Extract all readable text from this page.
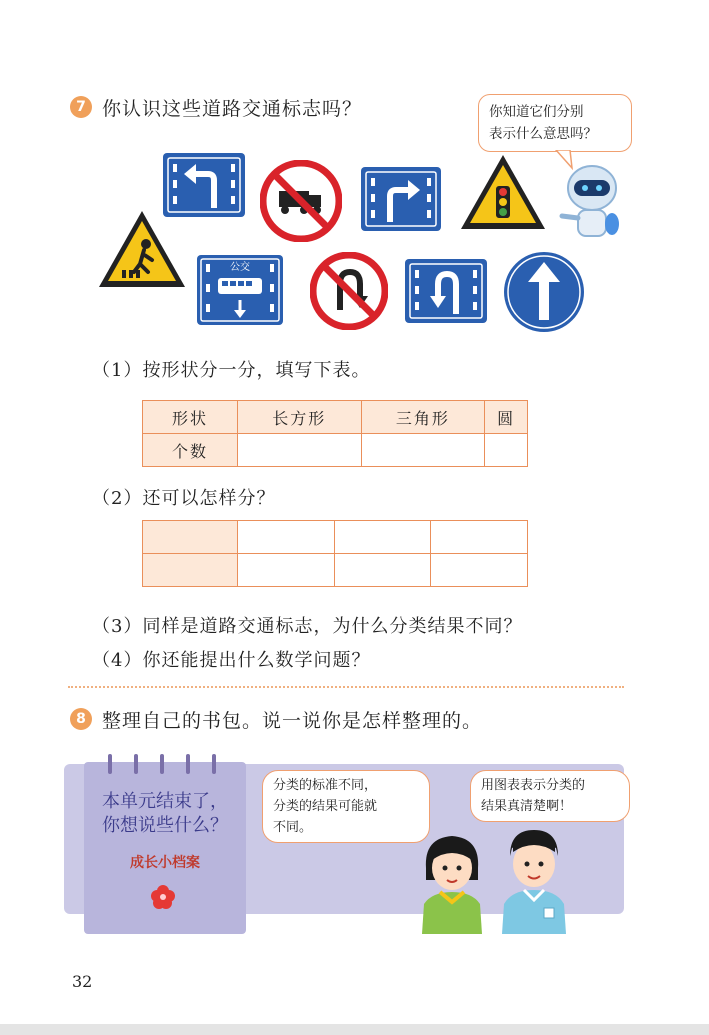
7 你认识这些道路交通标志吗？	你知道它们分别
表示什么意思吗？
公交
（1）按形状分一分，填写下表。
形状	长方形	三角形	圆
个数			
（2）还可以怎样分？

（3）同样是道路交通标志，为什么分类结果不同？
（4）你还能提出什么数学问题？
8 整理自己的书包。说一说你是怎样整理的。
本单元结束了，
你想说些什么？
成长小档案
分类的标准不同，
分类的结果可能就
不同。
用图表表示分类的
结果真清楚啊！
32
